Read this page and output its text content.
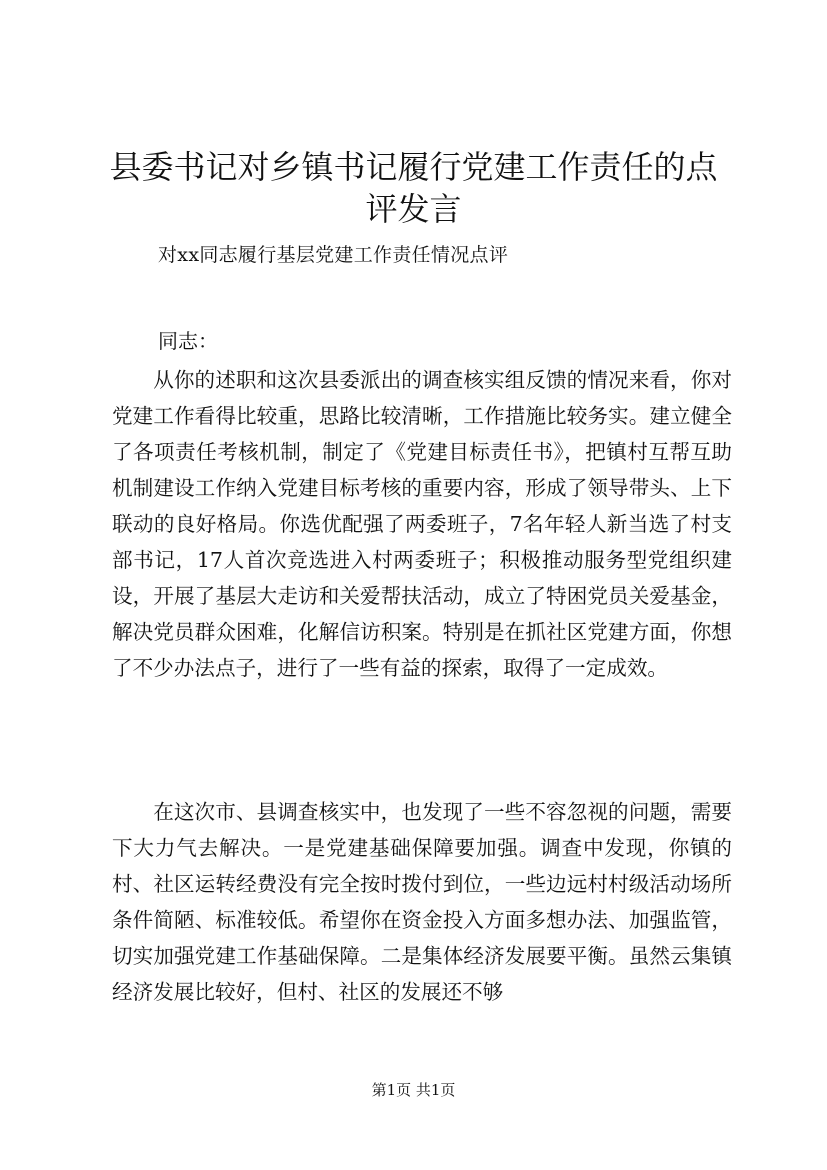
县委书记对乡镇书记履行党建工作责任的点评发言
对xx同志履行基层党建工作责任情况点评
同志：

从你的述职和这次县委派出的调查核实组反馈的情况来看，你对党建工作看得比较重，思路比较清晰，工作措施比较务实。建立健全了各项责任考核机制，制定了《党建目标责任书》，把镇村互帮互助机制建设工作纳入党建目标考核的重要内容，形成了领导带头、上下联动的良好格局。你选优配强了两委班子，7名年轻人新当选了村支部书记，17人首次竞选进入村两委班子；积极推动服务型党组织建设，开展了基层大走访和关爱帮扶活动，成立了特困党员关爱基金，解决党员群众困难，化解信访积案。特别是在抓社区党建方面，你想了不少办法点子，进行了一些有益的探索，取得了一定成效。

在这次市、县调查核实中，也发现了一些不容忽视的问题，需要下大力气去解决。一是党建基础保障要加强。调查中发现，你镇的村、社区运转经费没有完全按时拨付到位，一些边远村村级活动场所条件简陋、标准较低。希望你在资金投入方面多想办法、加强监管，切实加强党建工作基础保障。二是集体经济发展要平衡。虽然云集镇经济发展比较好，但村、社区的发展还不够

第1页 共1页
